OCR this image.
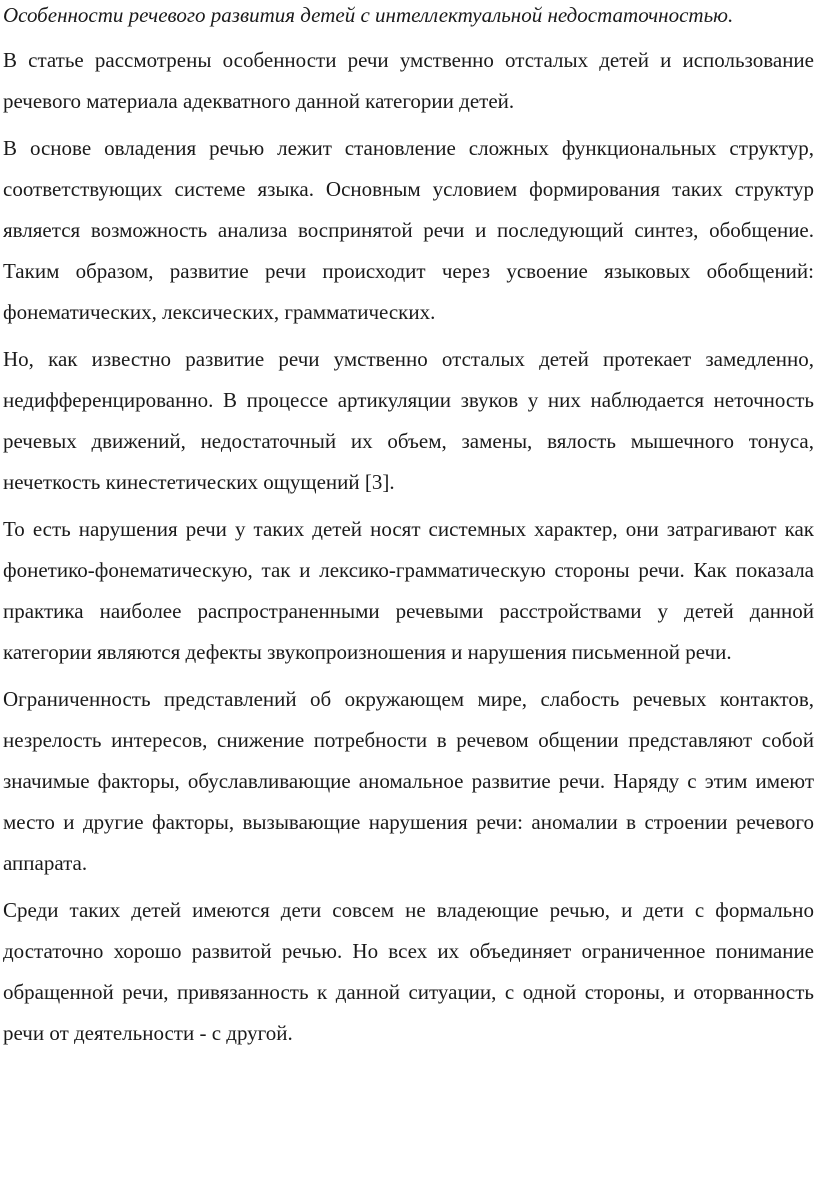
Особенности речевого развития детей с интеллектуальной недостаточностью.

В статье рассмотрены особенности речи умственно отсталых детей и использование речевого материала адекватного данной категории детей.

В основе овладения речью лежит становление сложных функциональных структур, соответствующих системе языка. Основным условием формирования таких структур является возможность анализа воспринятой речи и последующий синтез, обобщение. Таким образом, развитие речи происходит через усвоение языковых обобщений: фонематических, лексических, грамматических.

Но, как известно развитие речи умственно отсталых детей протекает замедленно, недифференцированно. В процессе артикуляции звуков у них наблюдается неточность речевых движений, недостаточный их объем, замены, вялость мышечного тонуса, нечеткость кинестетических ощущений [3].

То есть нарушения речи у таких детей носят системных характер, они затрагивают как фонетико-фонематическую, так и лексико-грамматическую стороны речи. Как показала практика наиболее распространенными речевыми расстройствами у детей данной категории являются дефекты звукопроизношения и нарушения письменной речи.

Ограниченность представлений об окружающем мире, слабость речевых контактов, незрелость интересов, снижение потребности в речевом общении представляют собой значимые факторы, обуславливающие аномальное развитие речи. Наряду с этим имеют место и другие факторы, вызывающие нарушения речи: аномалии в строении речевого аппарата.

Среди таких детей имеются дети совсем не владеющие речью, и дети с формально достаточно хорошо развитой речью. Но всех их объединяет ограниченное понимание обращенной речи, привязанность к данной ситуации, с одной стороны, и оторванность речи от деятельности - с другой.
